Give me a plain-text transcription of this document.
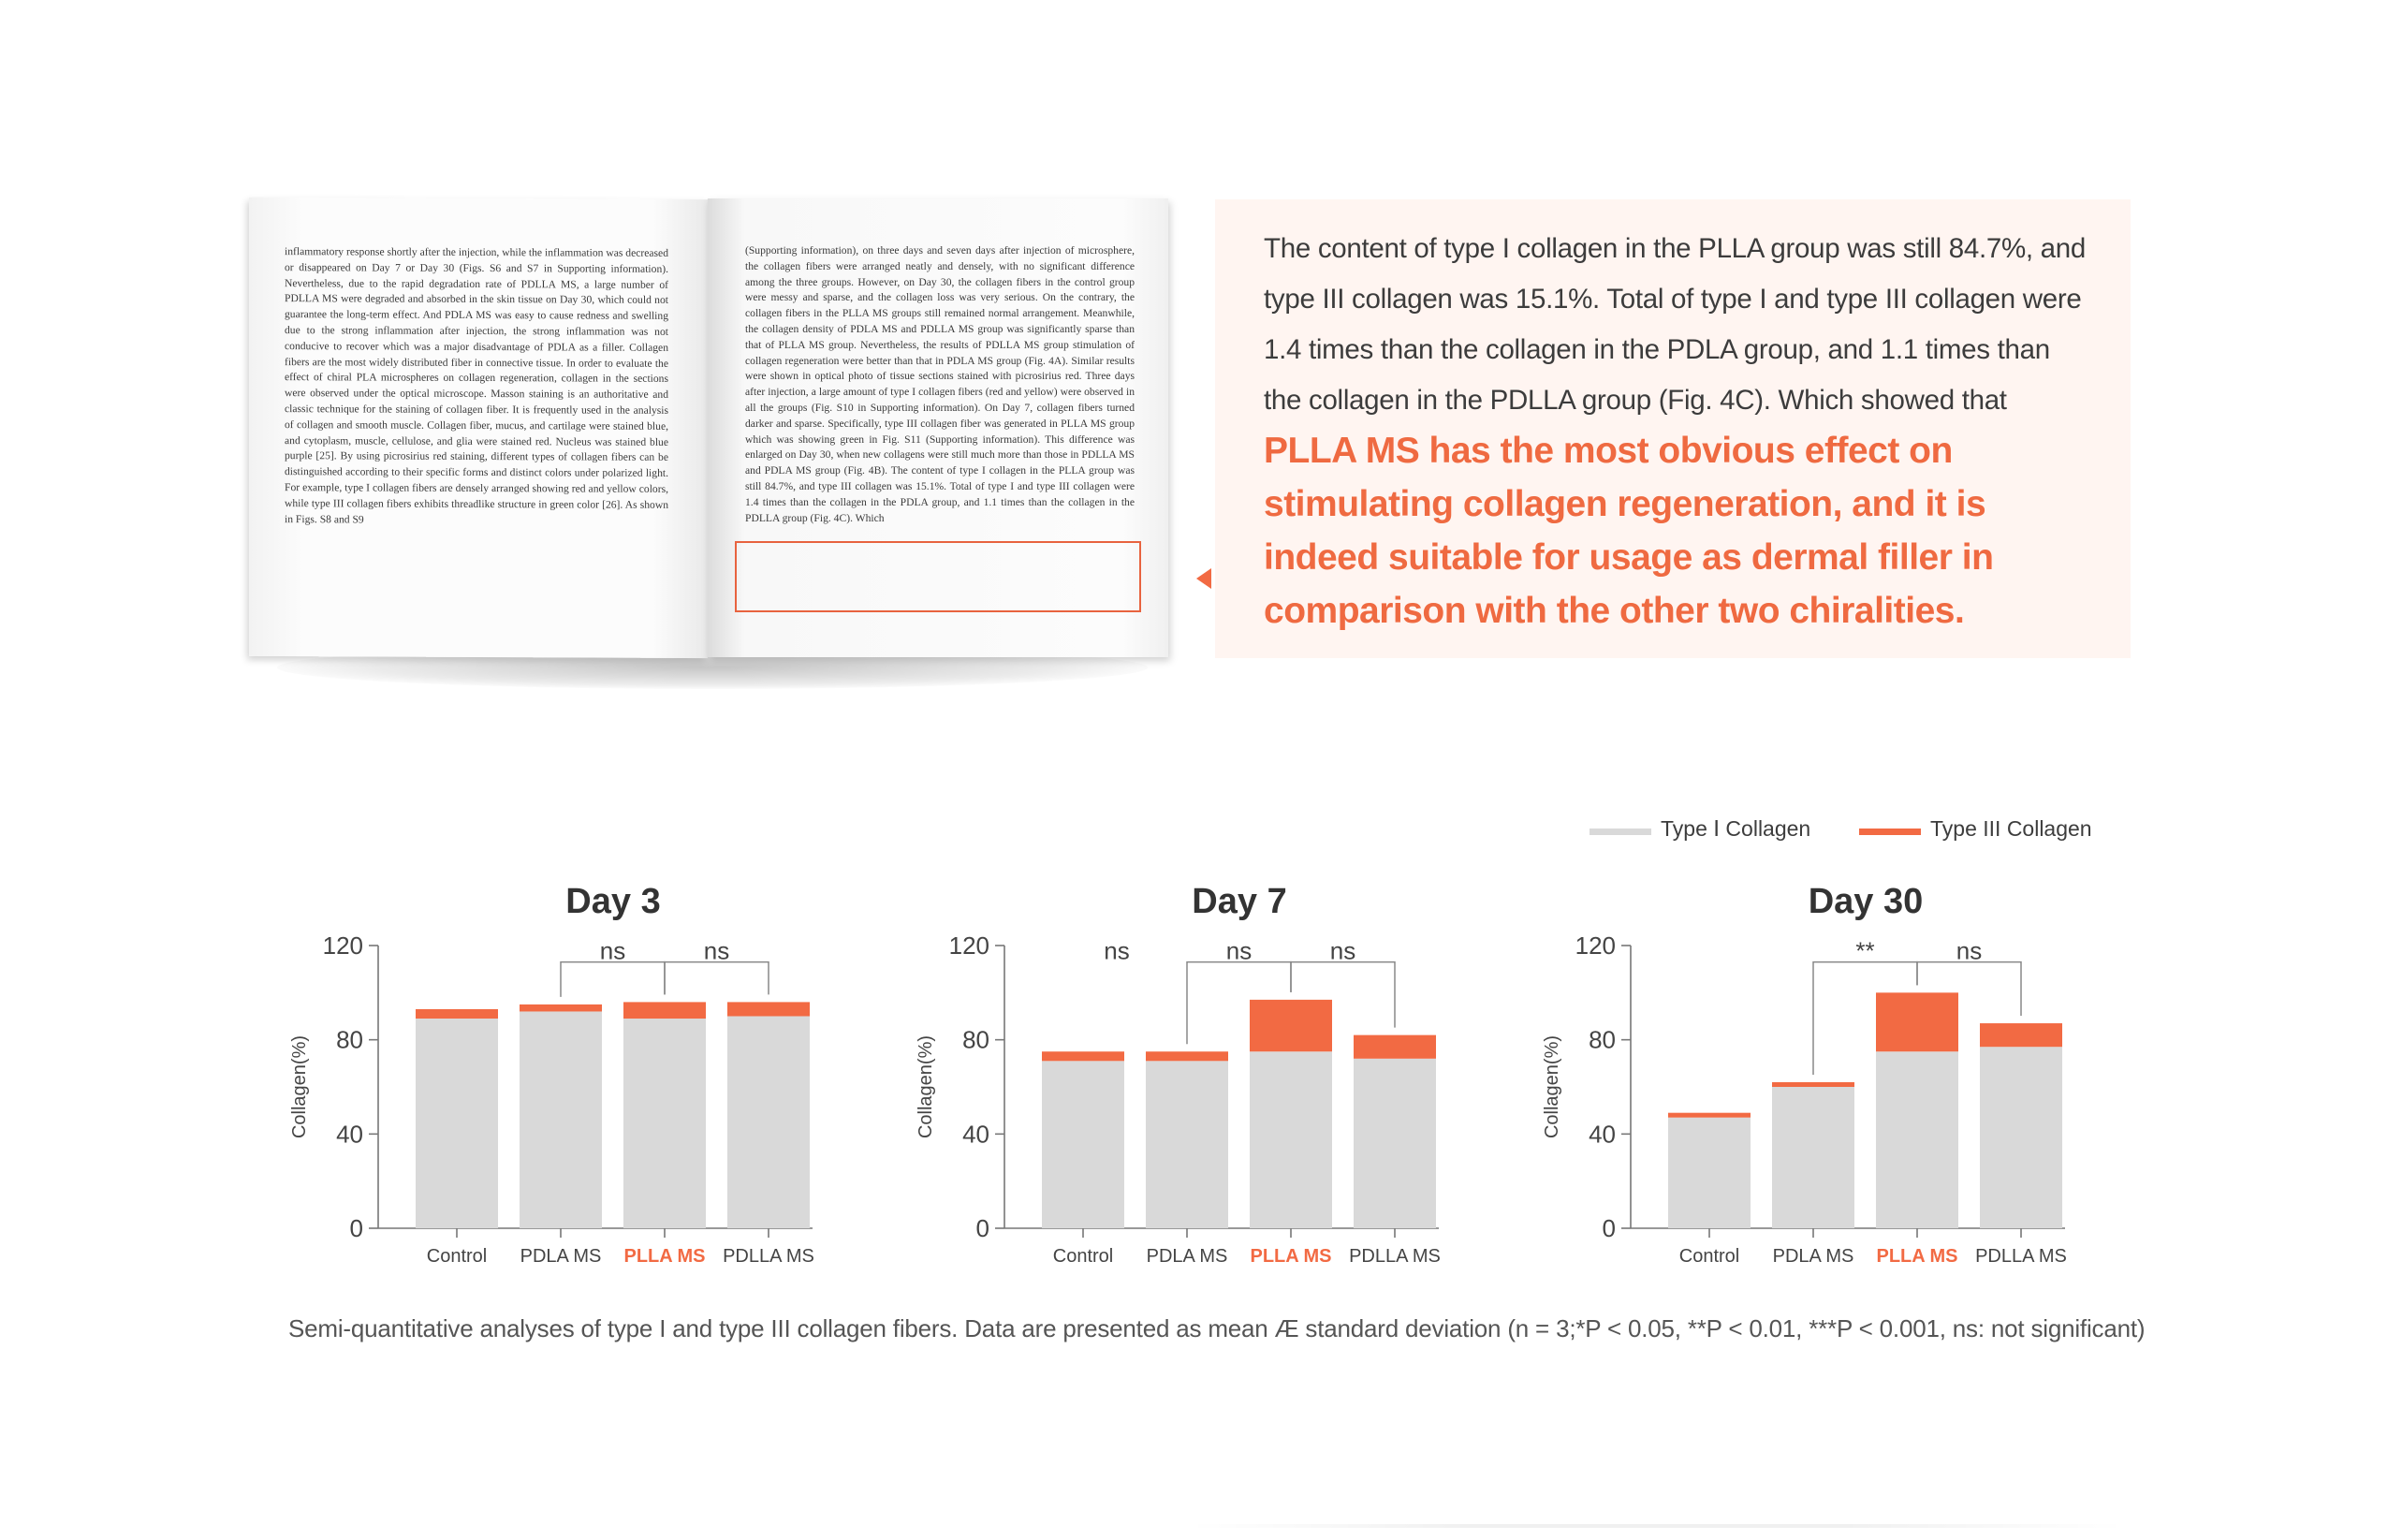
inflammatory response shortly after the injection, while the inflammation was decreased or disappeared on Day 7 or Day 30 (Figs. S6 and S7 in Supporting information). Nevertheless, due to the rapid degradation rate of PDLLA MS, a large number of PDLLA MS were degraded and absorbed in the skin tissue on Day 30, which could not guarantee the long-term effect. And PDLA MS was easy to cause redness and swelling due to the strong inflammation after injection, the strong inflammation was not conducive to recover which was a major disadvantage of PDLA as a filler. Collagen fibers are the most widely distributed fiber in connective tissue. In order to evaluate the effect of chiral PLA microspheres on collagen regeneration, collagen in the sections were observed under the optical microscope. Masson staining is an authoritative and classic technique for the staining of collagen fiber. It is frequently used in the analysis of collagen and smooth muscle. Collagen fiber, mucus, and cartilage were stained blue, and cytoplasm, muscle, cellulose, and glia were stained red. Nucleus was stained blue purple [25]. By using picrosirius red staining, different types of collagen fibers can be distinguished according to their specific forms and distinct colors under polarized light. For example, type I collagen fibers are densely arranged showing red and yellow colors, while type III collagen fibers exhibits threadlike structure in green color [26]. As shown in Figs. S8 and S9

(Supporting information), on three days and seven days after injection of microsphere, the collagen fibers were arranged neatly and densely, with no significant difference among the three groups. However, on Day 30, the collagen fibers in the control group were messy and sparse, and the collagen loss was very serious. On the contrary, the collagen fibers in the PLLA MS groups still remained normal arrangement. Meanwhile, the collagen density of PDLA MS and PDLLA MS group was significantly sparse than that of PLLA MS group. Nevertheless, the results of PDLLA MS group stimulation of collagen regeneration were better than that in PDLA MS group (Fig. 4A). Similar results were shown in optical photo of tissue sections stained with picrosirius red. Three days after injection, a large amount of type I collagen fibers (red and yellow) were observed in all the groups (Fig. S10 in Supporting information). On Day 7, collagen fibers turned darker and sparse. Specifically, type III collagen fiber was generated in PLLA MS group which was showing green in Fig. S11 (Supporting information). This difference was enlarged on Day 30, when new collagens were still much more than those in PDLLA MS and PDLA MS group (Fig. 4B). The content of type I collagen in the PLLA group was still 84.7%, and type III collagen was 15.1%. Total of type I and type III collagen were 1.4 times than the collagen in the PDLA group, and 1.1 times than the collagen in the PDLLA group (Fig. 4C). Which

The content of type I collagen in the PLLA group was still 84.7%, and type III collagen was 15.1%. Total of type I and type III collagen were 1.4 times than the collagen in the PDLA group, and 1.1 times than the collagen in the PDLLA group (Fig. 4C). Which showed that PLLA MS has the most obvious effect on stimulating collagen regeneration, and it is indeed suitable for usage as dermal filler in comparison with the other two chiralities.

Type Ⅰ Collagen	Type III Collagen
Day 3
Collagen(%)
0
40
80
120
Control PDLA MS PLLA MS PDLLA MS
ns	ns
Day 7
Collagen(%)
0
40
80
120
Control PDLA MS PLLA MS PDLLA MS
ns	ns	ns
Day 30
Collagen(%)
0
40
80
120
Control PDLA MS PLLA MS PDLLA MS
**	ns
Semi-quantitative analyses of type I and type III collagen fibers. Data are presented as mean Æ standard deviation (n = 3;*P < 0.05, **P < 0.01, ***P < 0.001, ns: not significant)
